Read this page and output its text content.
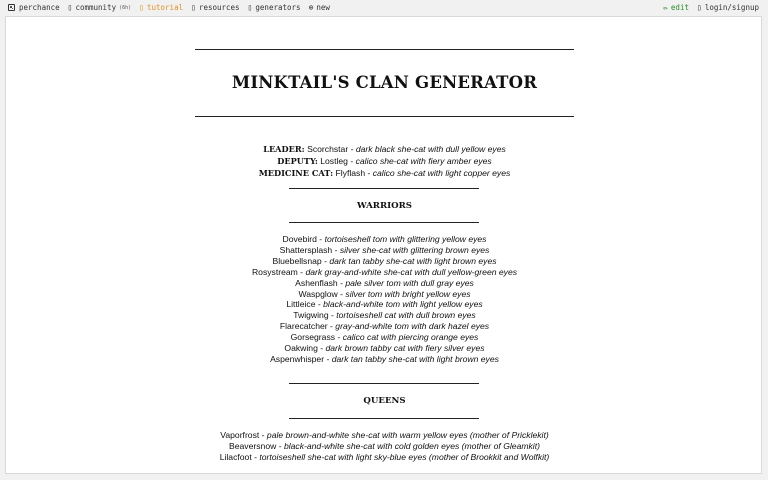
perchance ▯ community (6h) ▯ tutorial ▯ resources ▯ generators ⊕ new	✏ edit ▯ login/signup
MINKTAIL'S CLAN GENERATOR
LEADER: Scorchstar - dark black she-cat with dull yellow eyes
DEPUTY: Lostleg - calico she-cat with fiery amber eyes
MEDICINE CAT: Flyflash - calico she-cat with light copper eyes
WARRIORS
Dovebird - tortoiseshell tom with glittering yellow eyes
Shattersplash - silver she-cat with glittering brown eyes
Bluebellsnap - dark tan tabby she-cat with light brown eyes
Rosystream - dark gray-and-white she-cat with dull yellow-green eyes
Ashenflash - pale silver tom with dull gray eyes
Waspglow - silver tom with bright yellow eyes
Littleice - black-and-white tom with light yellow eyes
Twigwing - tortoiseshell cat with dull brown eyes
Flarecatcher - gray-and-white tom with dark hazel eyes
Gorsegrass - calico cat with piercing orange eyes
Oakwing - dark brown tabby cat with fiery silver eyes
Aspenwhisper - dark tan tabby she-cat with light brown eyes
QUEENS
Vaporfrost - pale brown-and-white she-cat with warm yellow eyes (mother of Pricklekit)
Beaversnow - black-and-white she-cat with cold golden eyes (mother of Gleamkit)
Lilacfoot - tortoiseshell she-cat with light sky-blue eyes (mother of Brookkit and Wolfkit)
